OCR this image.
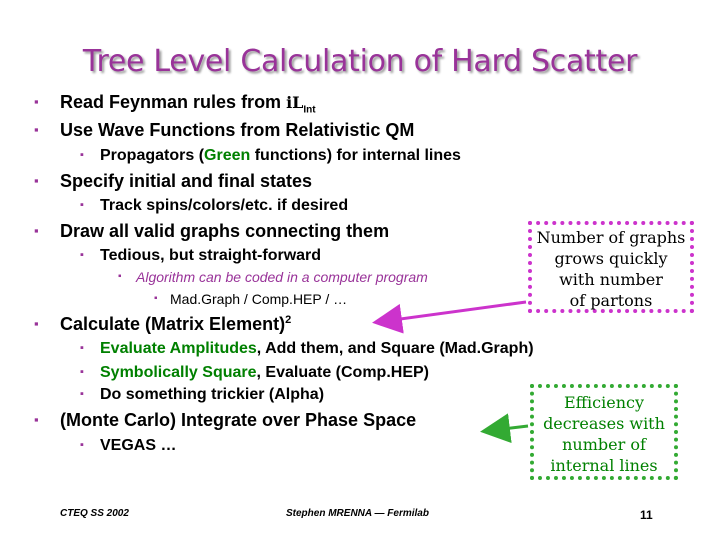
Tree Level Calculation of Hard Scatter
▪ Read Feynman rules from $iL_{Int}$
▪ Use Wave Functions from Relativistic QM
▪ Propagators (Green functions) for internal lines
▪ Specify initial and final states
▪ Track spins/colors/etc. if desired
▪ Draw all valid graphs connecting them
▪ Tedious, but straight-forward
▪ Algorithm can be coded in a computer program
▪ Mad.Graph / Comp.HEP / …
▪ Calculate (Matrix Element)$^2$
▪ Evaluate Amplitudes, Add them, and Square (Mad.Graph)
▪ Symbolically Square, Evaluate (Comp.HEP)
▪ Do something trickier (Alpha)
▪ (Monte Carlo) Integrate over Phase Space
▪ VEGAS …
Number of graphs
grows quickly
with number
of partons
Efficiency
decreases with
number of
internal lines
CTEQ SS 2002	Stephen MRENNA — Fermilab	11
